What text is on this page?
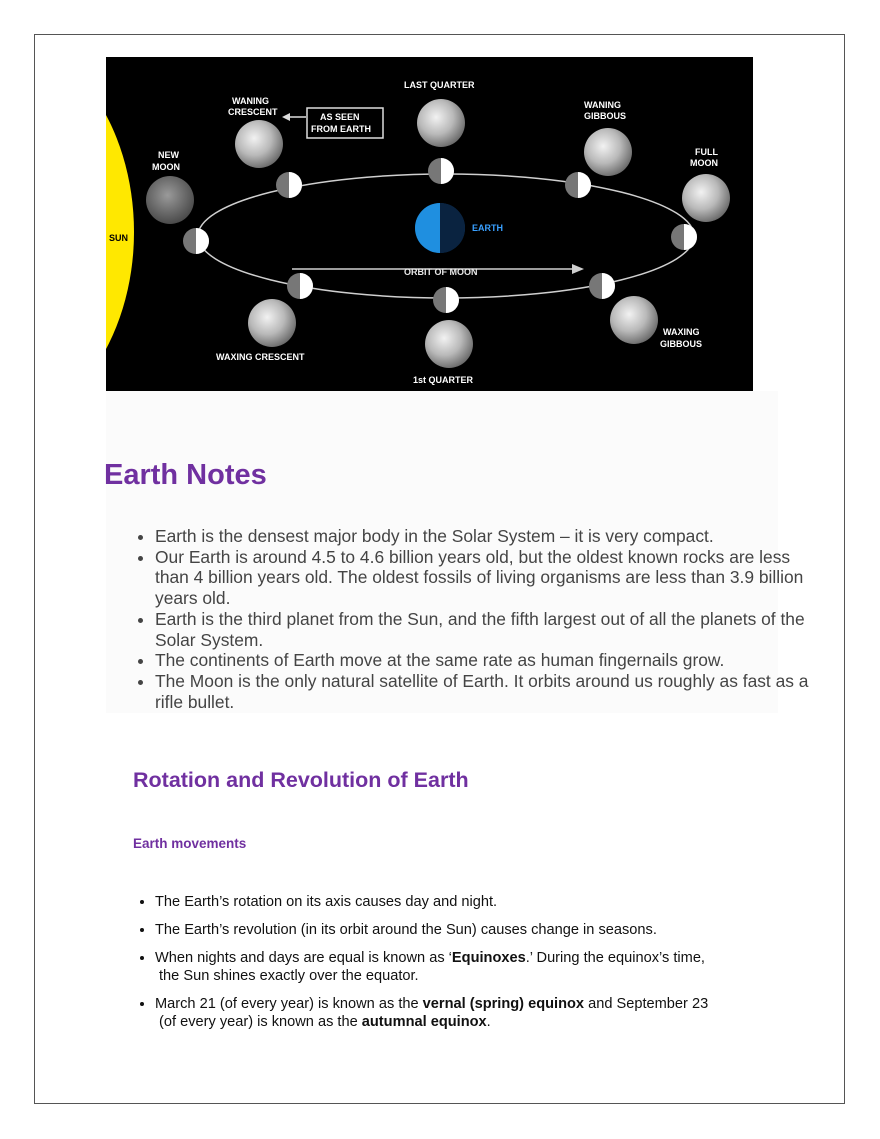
SUN
EARTH
ORBIT OF MOON
LAST QUARTER
WANING
CRESCENT	AS SEEN
FROM EARTH
WANING
GIBBOUS
NEW
MOON
FULL
MOON
WAXING CRESCENT
WAXING
GIBBOUS
1st QUARTER
Earth Notes
• Earth is the densest major body in the Solar System – it is very compact.
• Our Earth is around 4.5 to 4.6 billion years old, but the oldest known rocks are less than 4 billion years old. The oldest fossils of living organisms are less than 3.9 billion years old.
• Earth is the third planet from the Sun, and the fifth largest out of all the planets of the Solar System.
• The continents of Earth move at the same rate as human fingernails grow.
• The Moon is the only natural satellite of Earth. It orbits around us roughly as fast as a rifle bullet.
Rotation and Revolution of Earth
Earth movements
• The Earth’s rotation on its axis causes day and night.
• The Earth’s revolution (in its orbit around the Sun) causes change in seasons.
• When nights and days are equal is known as ‘Equinoxes.’ During the equinox’s time,
the Sun shines exactly over the equator.
• March 21 (of every year) is known as the vernal (spring) equinox and September 23
(of every year) is known as the autumnal equinox.
